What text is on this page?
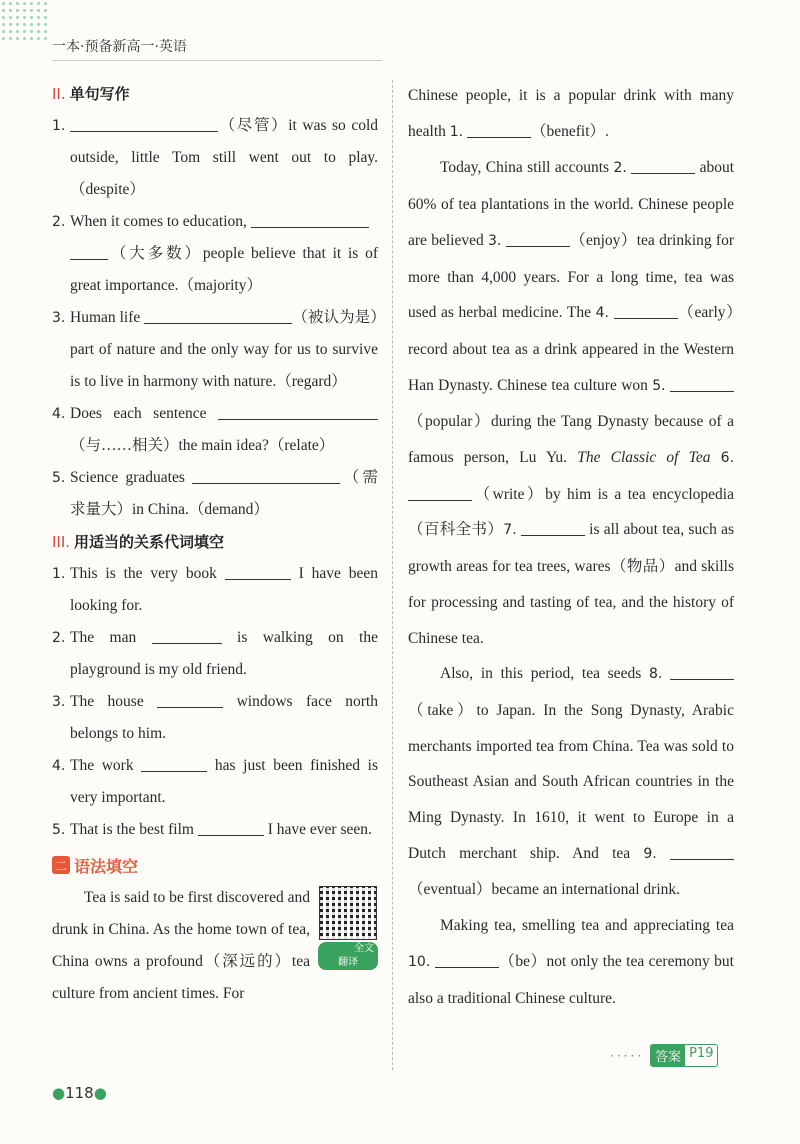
一本·预备新高一·英语
II. 单句写作
1.	（尽管）it was so cold outside, little Tom still went out to play.（despite）
2. When it comes to education,
（大多数）people believe that it is of great importance.（majority）
3. Human life	（被认为是）part of nature and the only way for us to survive is to live in harmony with nature.（regard）
4. Does each sentence （与……相关）the main idea?（relate）
5. Science graduates	（需求量大）in China.（demand）
III. 用适当的关系代词填空
1. This is the very book	I have been looking for.
2. The man	is walking on the playground is my old friend.
3. The house	windows face north belongs to him.
4. The work	has just been finished is very important.
5. That is the best film	I have ever seen.
二 语法填空
全文翻译
Tea is said to be first discovered and drunk in China. As the home town of tea, China owns a profound（深远的）tea culture from ancient times. For
Chinese people, it is a popular drink with many health 1.	（benefit）.
Today, China still accounts 2.	about 60% of tea plantations in the world. Chinese people are believed 3.	（enjoy）tea drinking for more than 4,000 years. For a long time, tea was used as herbal medicine. The 4.	（early）record about tea as a drink appeared in the Western Han Dynasty. Chinese tea culture won 5. （popular）during the Tang Dynasty because of a famous person, Lu Yu. The Classic of Tea 6. （write）by him is a tea encyclopedia（百科全书）7.	is all about tea, such as growth areas for tea trees, wares（物品）and skills for processing and tasting of tea, and the history of Chinese tea.
Also, in this period, tea seeds 8. （take）to Japan. In the Song Dynasty, Arabic merchants imported tea from China. Tea was sold to Southeast Asian and South African countries in the Ming Dynasty. In 1610, it went to Europe in a Dutch merchant ship. And tea 9. （eventual）became an international drink.
Making tea, smelling tea and appreciating tea 10.	（be）not only the tea ceremony but also a traditional Chinese culture.
····· 答案 P19
●118●
